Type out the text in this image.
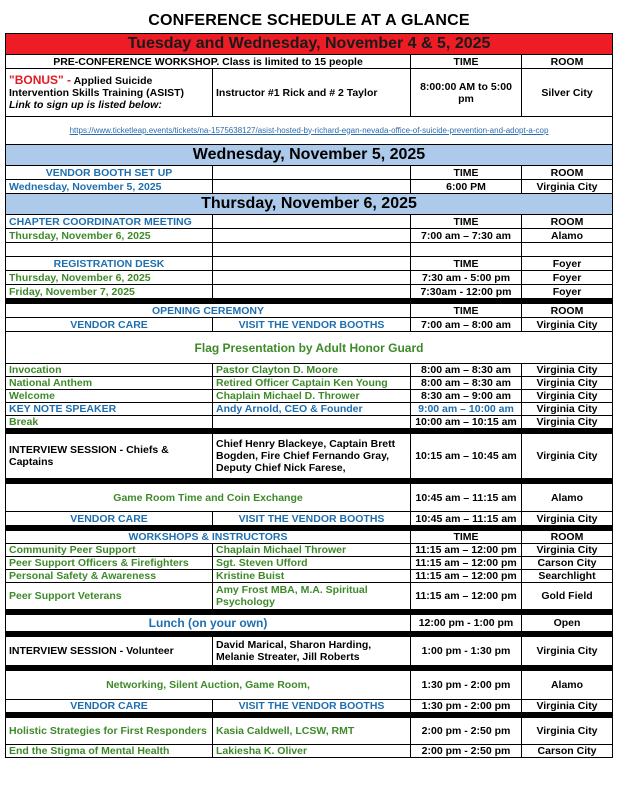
CONFERENCE SCHEDULE AT A GLANCE
Tuesday and Wednesday, November 4 & 5, 2025			
PRE-CONFERENCE WORKSHOP. Class is limited to 15 people		TIME	ROOM
"BONUS" - Applied Suicide Intervention Skills Training (ASIST)
Link to sign up is listed below:	Instructor #1 Rick and # 2 Taylor	8:00:00 AM to 5:00 pm	Silver City
https://www.ticketleap.events/tickets/na-1575638127/asist-hosted-by-richard-egan-nevada-office-of-suicide-prevention-and-adopt-a-cop			
Wednesday, November 5, 2025			
VENDOR BOOTH SET UP		TIME	ROOM
Wednesday, November 5, 2025		6:00 PM	Virginia City
Thursday, November 6, 2025			
CHAPTER COORDINATOR MEETING		TIME	ROOM
Thursday, November 6, 2025		7:00 am – 7:30 am	Alamo

REGISTRATION DESK		TIME	Foyer
Thursday, November 6, 2025		7:30 am - 5:00 pm	Foyer
Friday, November 7, 2025		7:30am - 12:00 pm	Foyer

OPENING CEREMONY		TIME	ROOM
VENDOR CARE	VISIT THE VENDOR BOOTHS	7:00 am – 8:00 am	Virginia City
Flag Presentation by Adult Honor Guard			
Invocation	Pastor Clayton D. Moore	8:00 am – 8:30 am	Virginia City
National Anthem	Retired Officer Captain Ken Young	8:00 am – 8:30 am	Virginia City
Welcome	Chaplain Michael D. Thrower	8:30 am – 9:00 am	Virginia City
KEY NOTE SPEAKER	Andy Arnold, CEO & Founder	9:00 am – 10:00 am	Virginia City
Break		10:00 am – 10:15 am	Virginia City

INTERVIEW SESSION - Chiefs & Captains	Chief Henry Blackeye, Captain Brett Bogden, Fire Chief Fernando Gray, Deputy Chief Nick Farese,	10:15 am – 10:45 am	Virginia City

Game Room Time and Coin Exchange		10:45 am – 11:15 am	Alamo
VENDOR CARE	VISIT THE VENDOR BOOTHS	10:45 am – 11:15 am	Virginia City

WORKSHOPS & INSTRUCTORS		TIME	ROOM
Community Peer Support	Chaplain Michael Thrower	11:15 am – 12:00 pm	Virginia City
Peer Support Officers & Firefighters	Sgt. Steven Ufford	11:15 am – 12:00 pm	Carson City
Personal Safety & Awareness	Kristine Buist	11:15 am – 12:00 pm	Searchlight
Peer Support Veterans	Amy Frost MBA, M.A. Spiritual Psychology	11:15 am – 12:00 pm	Gold Field

Lunch (on your own)		12:00 pm - 1:00 pm	Open

INTERVIEW SESSION - Volunteer	David Marical, Sharon Harding, Melanie Streater, Jill Roberts	1:00 pm - 1:30 pm	Virginia City

Networking, Silent Auction, Game Room,		1:30 pm - 2:00 pm	Alamo
VENDOR CARE	VISIT THE VENDOR BOOTHS	1:30 pm - 2:00 pm	Virginia City

Holistic Strategies for First Responders	Kasia Caldwell, LCSW, RMT	2:00 pm - 2:50 pm	Virginia City
End the Stigma of Mental Health	Lakiesha K. Oliver	2:00 pm - 2:50 pm	Carson City
